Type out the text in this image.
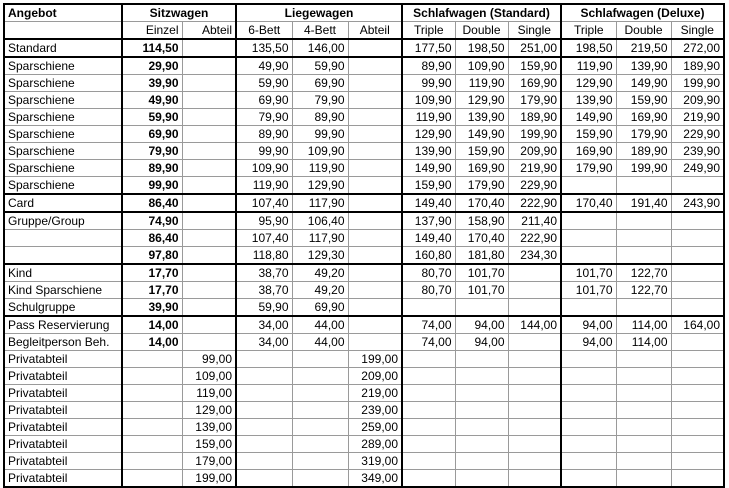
Angebot	Sitzwagen		Liegewagen			Schlafwagen (Standard)			Schlafwagen (Deluxe)		
	Einzel	Abteil	6-Bett	4-Bett	Abteil	Triple	Double	Single	Triple	Double	Single
Standard	114,50		135,50	146,00		177,50	198,50	251,00	198,50	219,50	272,00
Sparschiene	29,90		49,90	59,90		89,90	109,90	159,90	119,90	139,90	189,90
Sparschiene	39,90		59,90	69,90		99,90	119,90	169,90	129,90	149,90	199,90
Sparschiene	49,90		69,90	79,90		109,90	129,90	179,90	139,90	159,90	209,90
Sparschiene	59,90		79,90	89,90		119,90	139,90	189,90	149,90	169,90	219,90
Sparschiene	69,90		89,90	99,90		129,90	149,90	199,90	159,90	179,90	229,90
Sparschiene	79,90		99,90	109,90		139,90	159,90	209,90	169,90	189,90	239,90
Sparschiene	89,90		109,90	119,90		149,90	169,90	219,90	179,90	199,90	249,90
Sparschiene	99,90		119,90	129,90		159,90	179,90	229,90			
Card	86,40		107,40	117,90		149,40	170,40	222,90	170,40	191,40	243,90
Gruppe/Group	74,90		95,90	106,40		137,90	158,90	211,40			
	86,40		107,40	117,90		149,40	170,40	222,90			
	97,80		118,80	129,30		160,80	181,80	234,30			
Kind	17,70		38,70	49,20		80,70	101,70		101,70	122,70	
Kind Sparschiene	17,70		38,70	49,20		80,70	101,70		101,70	122,70	
Schulgruppe	39,90		59,90	69,90							
Pass Reservierung	14,00		34,00	44,00		74,00	94,00	144,00	94,00	114,00	164,00
Begleitperson Beh.	14,00		34,00	44,00		74,00	94,00		94,00	114,00	
Privatabteil		99,00			199,00						
Privatabteil		109,00			209,00						
Privatabteil		119,00			219,00						
Privatabteil		129,00			239,00						
Privatabteil		139,00			259,00						
Privatabteil		159,00			289,00						
Privatabteil		179,00			319,00						
Privatabteil		199,00			349,00						
